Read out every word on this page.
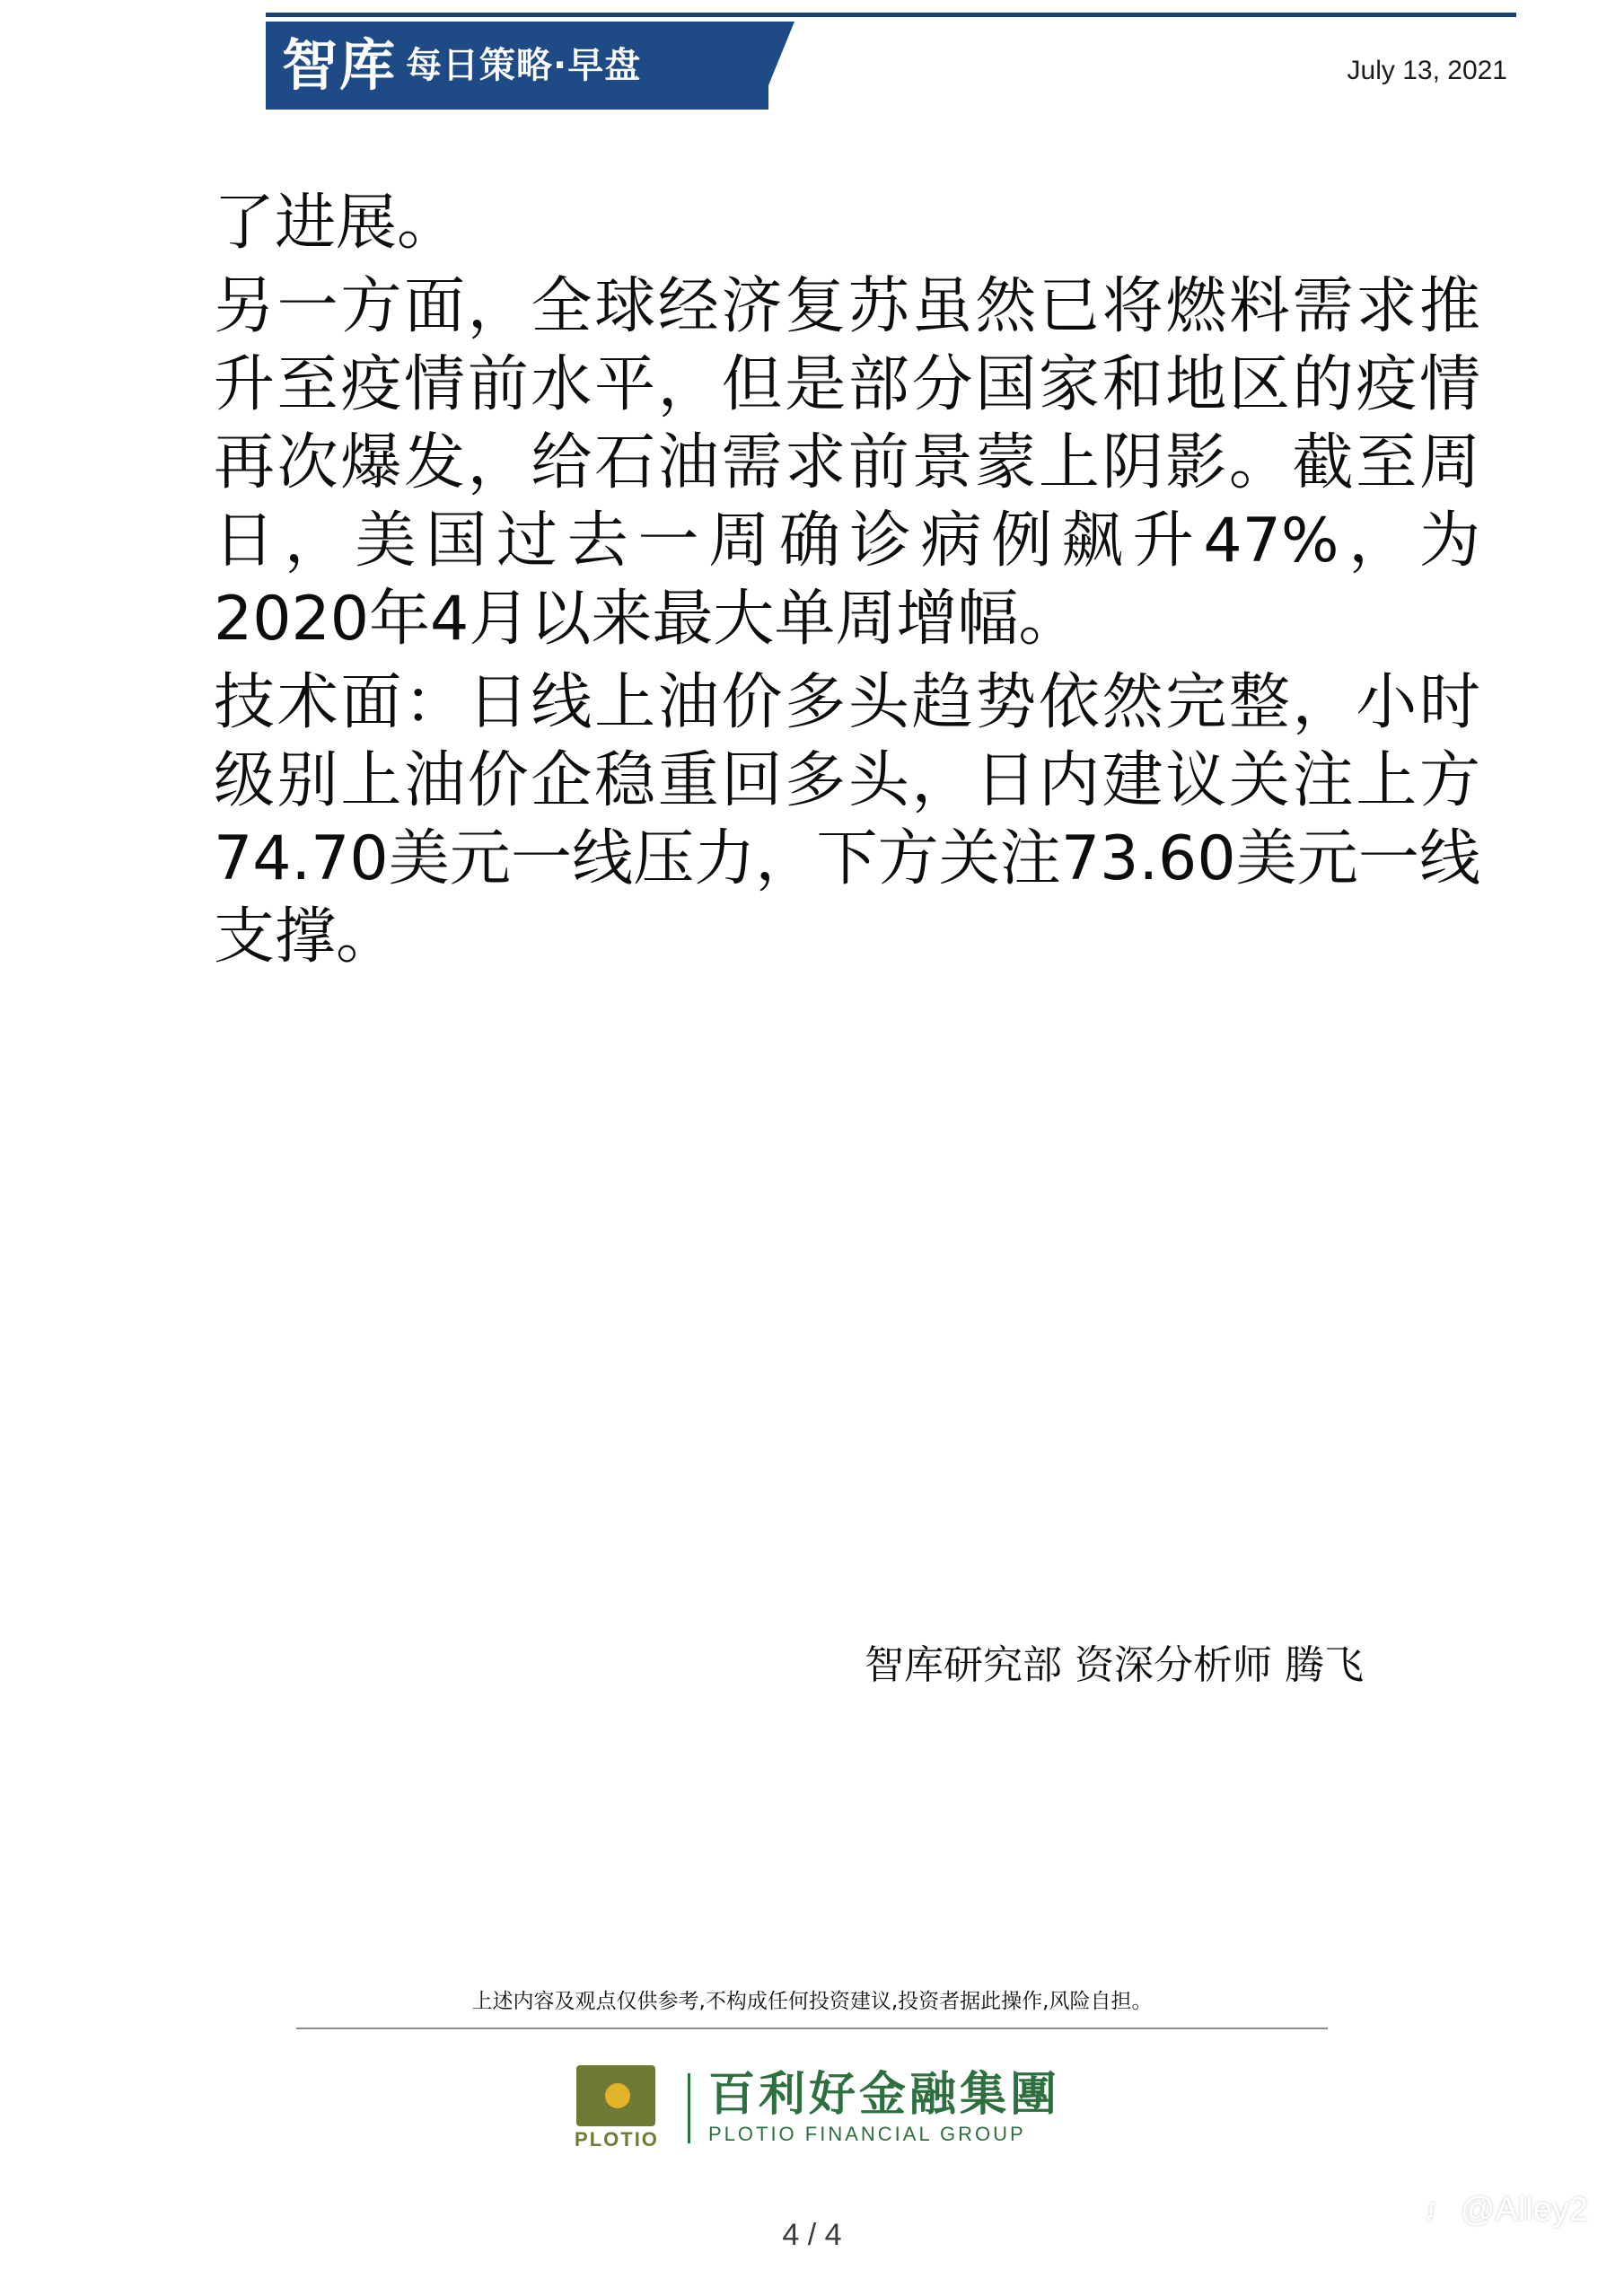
智库 每日策略·早盘	July 13, 2021

了进展。

另一方面，全球经济复苏虽然已将燃料需求推升至疫情前水平，但是部分国家和地区的疫情再次爆发，给石油需求前景蒙上阴影。截至周日，美国过去一周确诊病例飙升47%，为2020年4月以来最大单周增幅。

技术面：日线上油价多头趋势依然完整，小时级别上油价企稳重回多头，日内建议关注上方74.70美元一线压力，下方关注73.60美元一线支撑。

智库研究部 资深分析师 腾飞
上述内容及观点仅供参考,不构成任何投资建议,投资者据此操作,风险自担。
PLOTIO
百利好金融集團
PLOTIO FINANCIAL GROUP
4 / 4
ᶘ @Alley2
